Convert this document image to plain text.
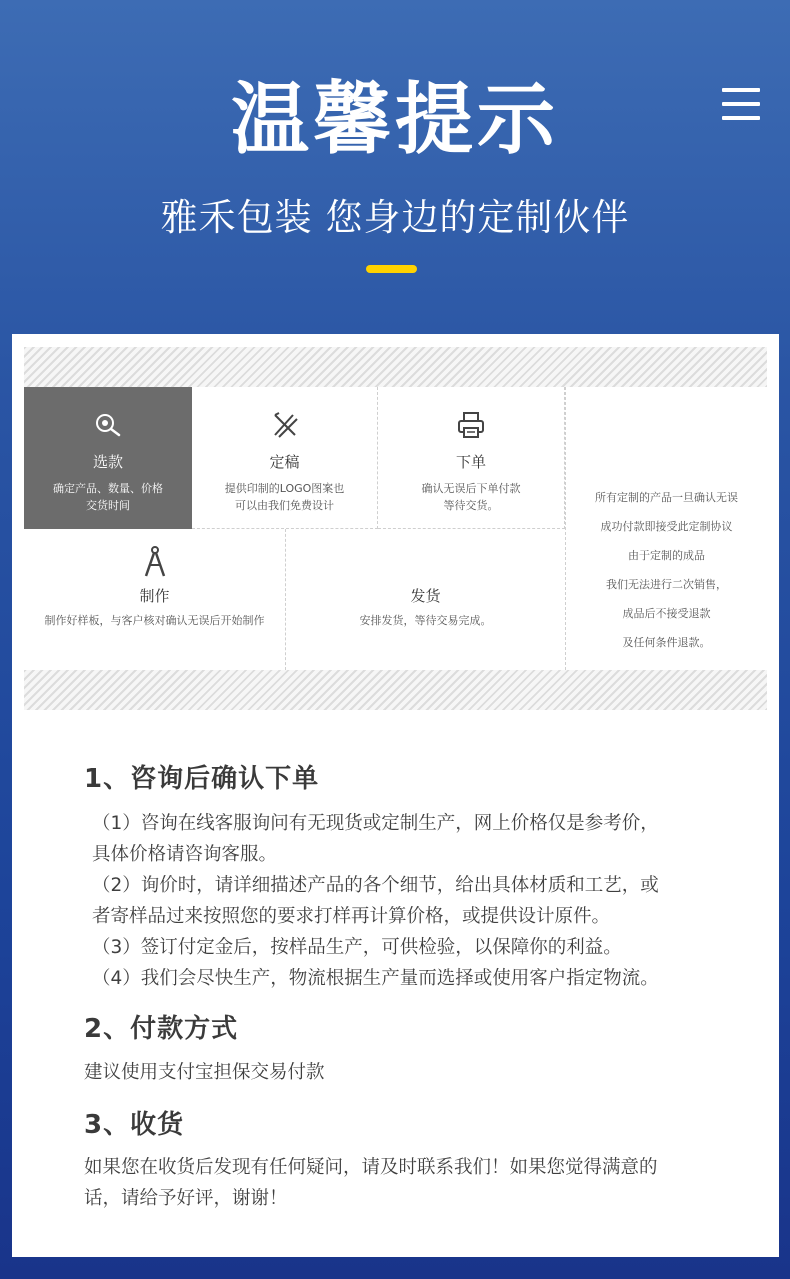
温馨提示
雅禾包装 您身边的定制伙伴
选款
确定产品、数量、价格
交货时间
定稿
提供印制的LOGO图案也
可以由我们免费设计
下单
确认无误后下单付款
等待交货。
所有定制的产品一旦确认无误
成功付款即接受此定制协议
由于定制的成品
我们无法进行二次销售，
成品后不接受退款
及任何条件退款。
制作
制作好样板，与客户核对确认无误后开始制作
发货
安排发货，等待交易完成。
1、咨询后确认下单
（1）咨询在线客服询问有无现货或定制生产，网上价格仅是参考价，
具体价格请咨询客服。
（2）询价时，请详细描述产品的各个细节，给出具体材质和工艺，或
者寄样品过来按照您的要求打样再计算价格，或提供设计原件。
（3）签订付定金后，按样品生产，可供检验，以保障你的利益。
（4）我们会尽快生产，物流根据生产量而选择或使用客户指定物流。
2、付款方式
建议使用支付宝担保交易付款
3、收货
如果您在收货后发现有任何疑问，请及时联系我们！如果您觉得满意的
话，请给予好评，谢谢！
